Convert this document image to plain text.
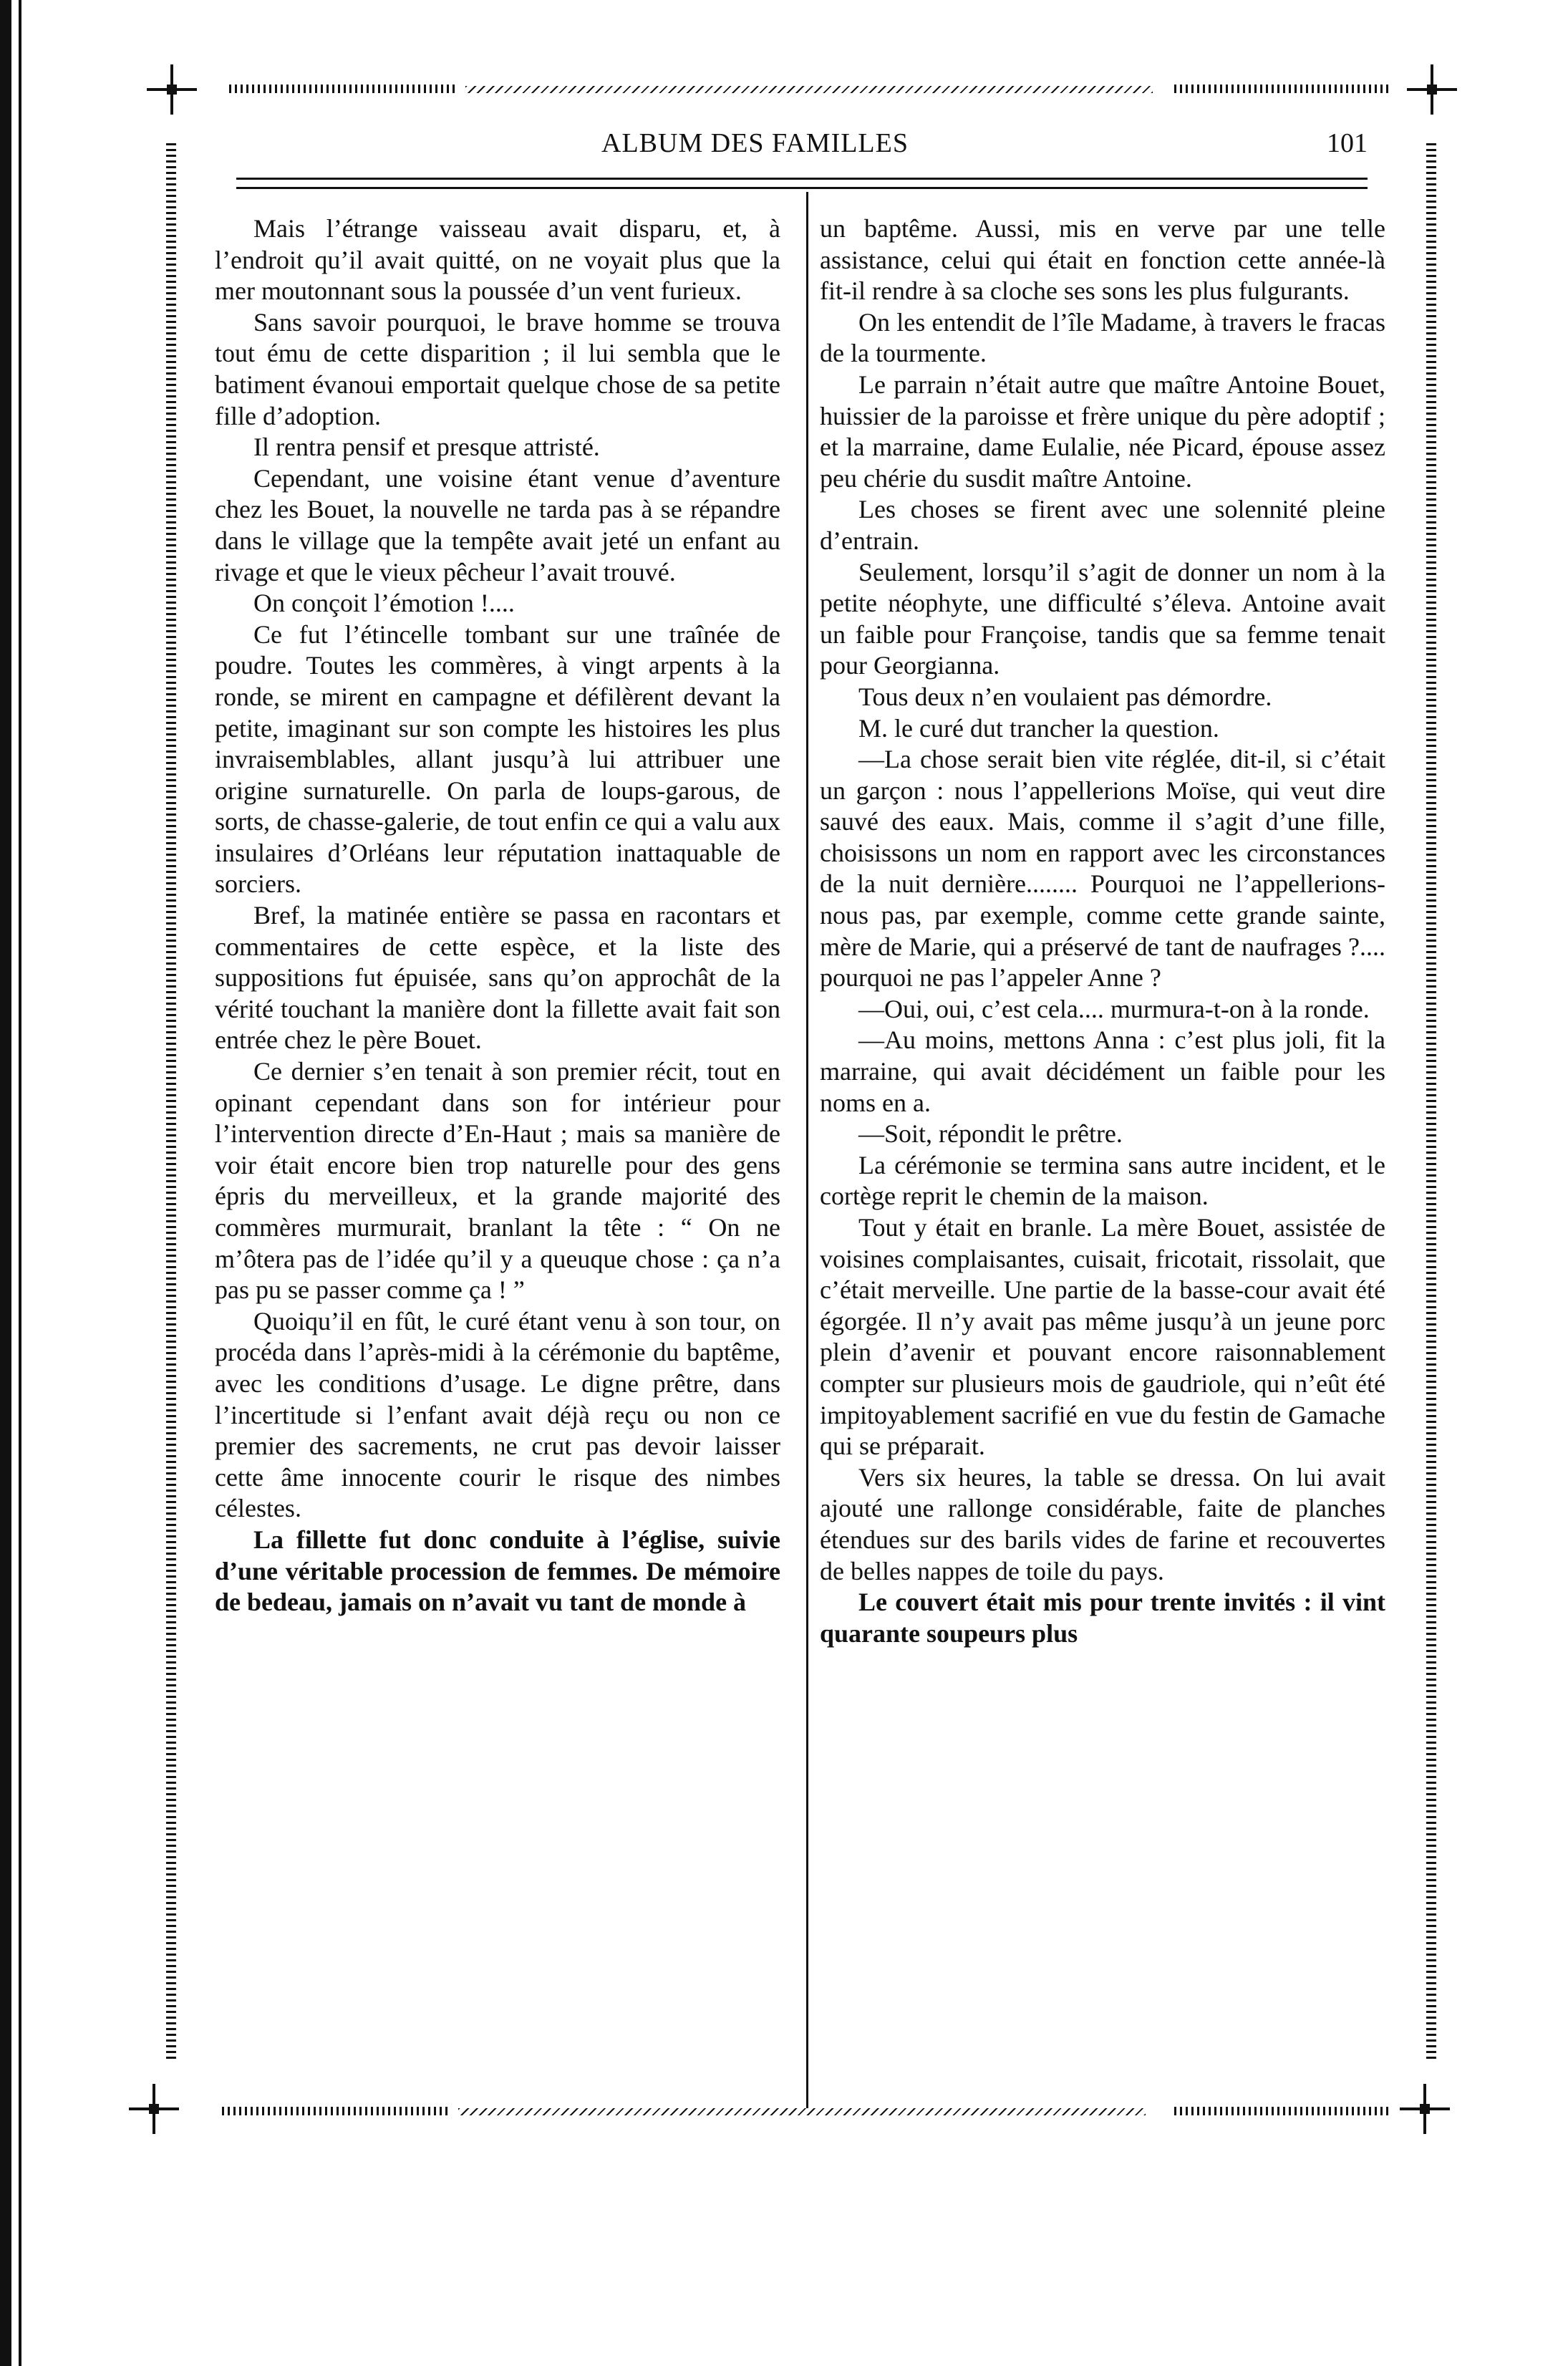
ALBUM DES FAMILLES	101

Mais l’étrange vaisseau avait disparu, et, à l’endroit qu’il avait quitté, on ne voyait plus que la mer moutonnant sous la poussée d’un vent furieux.

Sans savoir pourquoi, le brave homme se trouva tout ému de cette disparition ; il lui sembla que le batiment évanoui emportait quelque chose de sa petite fille d’adoption.

Il rentra pensif et presque attristé.

Cependant, une voisine étant venue d’aventure chez les Bouet, la nouvelle ne tarda pas à se répandre dans le village que la tempête avait jeté un enfant au rivage et que le vieux pêcheur l’avait trouvé.

On conçoit l’émotion !....

Ce fut l’étincelle tombant sur une traînée de poudre. Toutes les commères, à vingt arpents à la ronde, se mirent en campagne et défilèrent devant la petite, imaginant sur son compte les histoires les plus invraisemblables, allant jusqu’à lui attribuer une origine surnaturelle. On parla de loups-garous, de sorts, de chasse-galerie, de tout enfin ce qui a valu aux insulaires d’Orléans leur réputation inattaquable de sorciers.

Bref, la matinée entière se passa en racontars et commentaires de cette espèce, et la liste des suppositions fut épuisée, sans qu’on approchât de la vérité touchant la manière dont la fillette avait fait son entrée chez le père Bouet.

Ce dernier s’en tenait à son premier récit, tout en opinant cependant dans son for intérieur pour l’intervention directe d’En-Haut ; mais sa manière de voir était encore bien trop naturelle pour des gens épris du merveilleux, et la grande majorité des commères murmurait, branlant la tête : “ On ne m’ôtera pas de l’idée qu’il y a queuque chose : ça n’a pas pu se passer comme ça ! ”

Quoiqu’il en fût, le curé étant venu à son tour, on procéda dans l’après-midi à la cérémonie du baptême, avec les conditions d’usage. Le digne prêtre, dans l’incertitude si l’enfant avait déjà reçu ou non ce premier des sacrements, ne crut pas devoir laisser cette âme innocente courir le risque des nimbes célestes.

La fillette fut donc conduite à l’église, suivie d’une véritable procession de femmes. De mémoire de bedeau, jamais on n’avait vu tant de monde à

un baptême. Aussi, mis en verve par une telle assistance, celui qui était en fonction cette année-là fit-il rendre à sa cloche ses sons les plus fulgurants.

On les entendit de l’île Madame, à travers le fracas de la tourmente.

Le parrain n’était autre que maître Antoine Bouet, huissier de la paroisse et frère unique du père adoptif ; et la marraine, dame Eulalie, née Picard, épouse assez peu chérie du susdit maître Antoine.

Les choses se firent avec une solennité pleine d’entrain.

Seulement, lorsqu’il s’agit de donner un nom à la petite néophyte, une difficulté s’éleva. Antoine avait un faible pour Françoise, tandis que sa femme tenait pour Georgianna.

Tous deux n’en voulaient pas démordre.

M. le curé dut trancher la question.

—La chose serait bien vite réglée, dit-il, si c’était un garçon : nous l’appellerions Moïse, qui veut dire sauvé des eaux. Mais, comme il s’agit d’une fille, choisissons un nom en rapport avec les circonstances de la nuit dernière........ Pourquoi ne l’appellerions-nous pas, par exemple, comme cette grande sainte, mère de Marie, qui a préservé de tant de naufrages ?.... pourquoi ne pas l’appeler Anne ?

—Oui, oui, c’est cela.... murmura-t-on à la ronde.

—Au moins, mettons Anna : c’est plus joli, fit la marraine, qui avait décidément un faible pour les noms en a.

—Soit, répondit le prêtre.

La cérémonie se termina sans autre incident, et le cortège reprit le chemin de la maison.

Tout y était en branle. La mère Bouet, assistée de voisines complaisantes, cuisait, fricotait, rissolait, que c’était merveille. Une partie de la basse-cour avait été égorgée. Il n’y avait pas même jusqu’à un jeune porc plein d’avenir et pouvant encore raisonnablement compter sur plusieurs mois de gaudriole, qui n’eût été impitoyablement sacrifié en vue du festin de Gamache qui se préparait.

Vers six heures, la table se dressa. On lui avait ajouté une rallonge considérable, faite de planches étendues sur des barils vides de farine et recouvertes de belles nappes de toile du pays.

Le couvert était mis pour trente invités : il vint quarante soupeurs plus
